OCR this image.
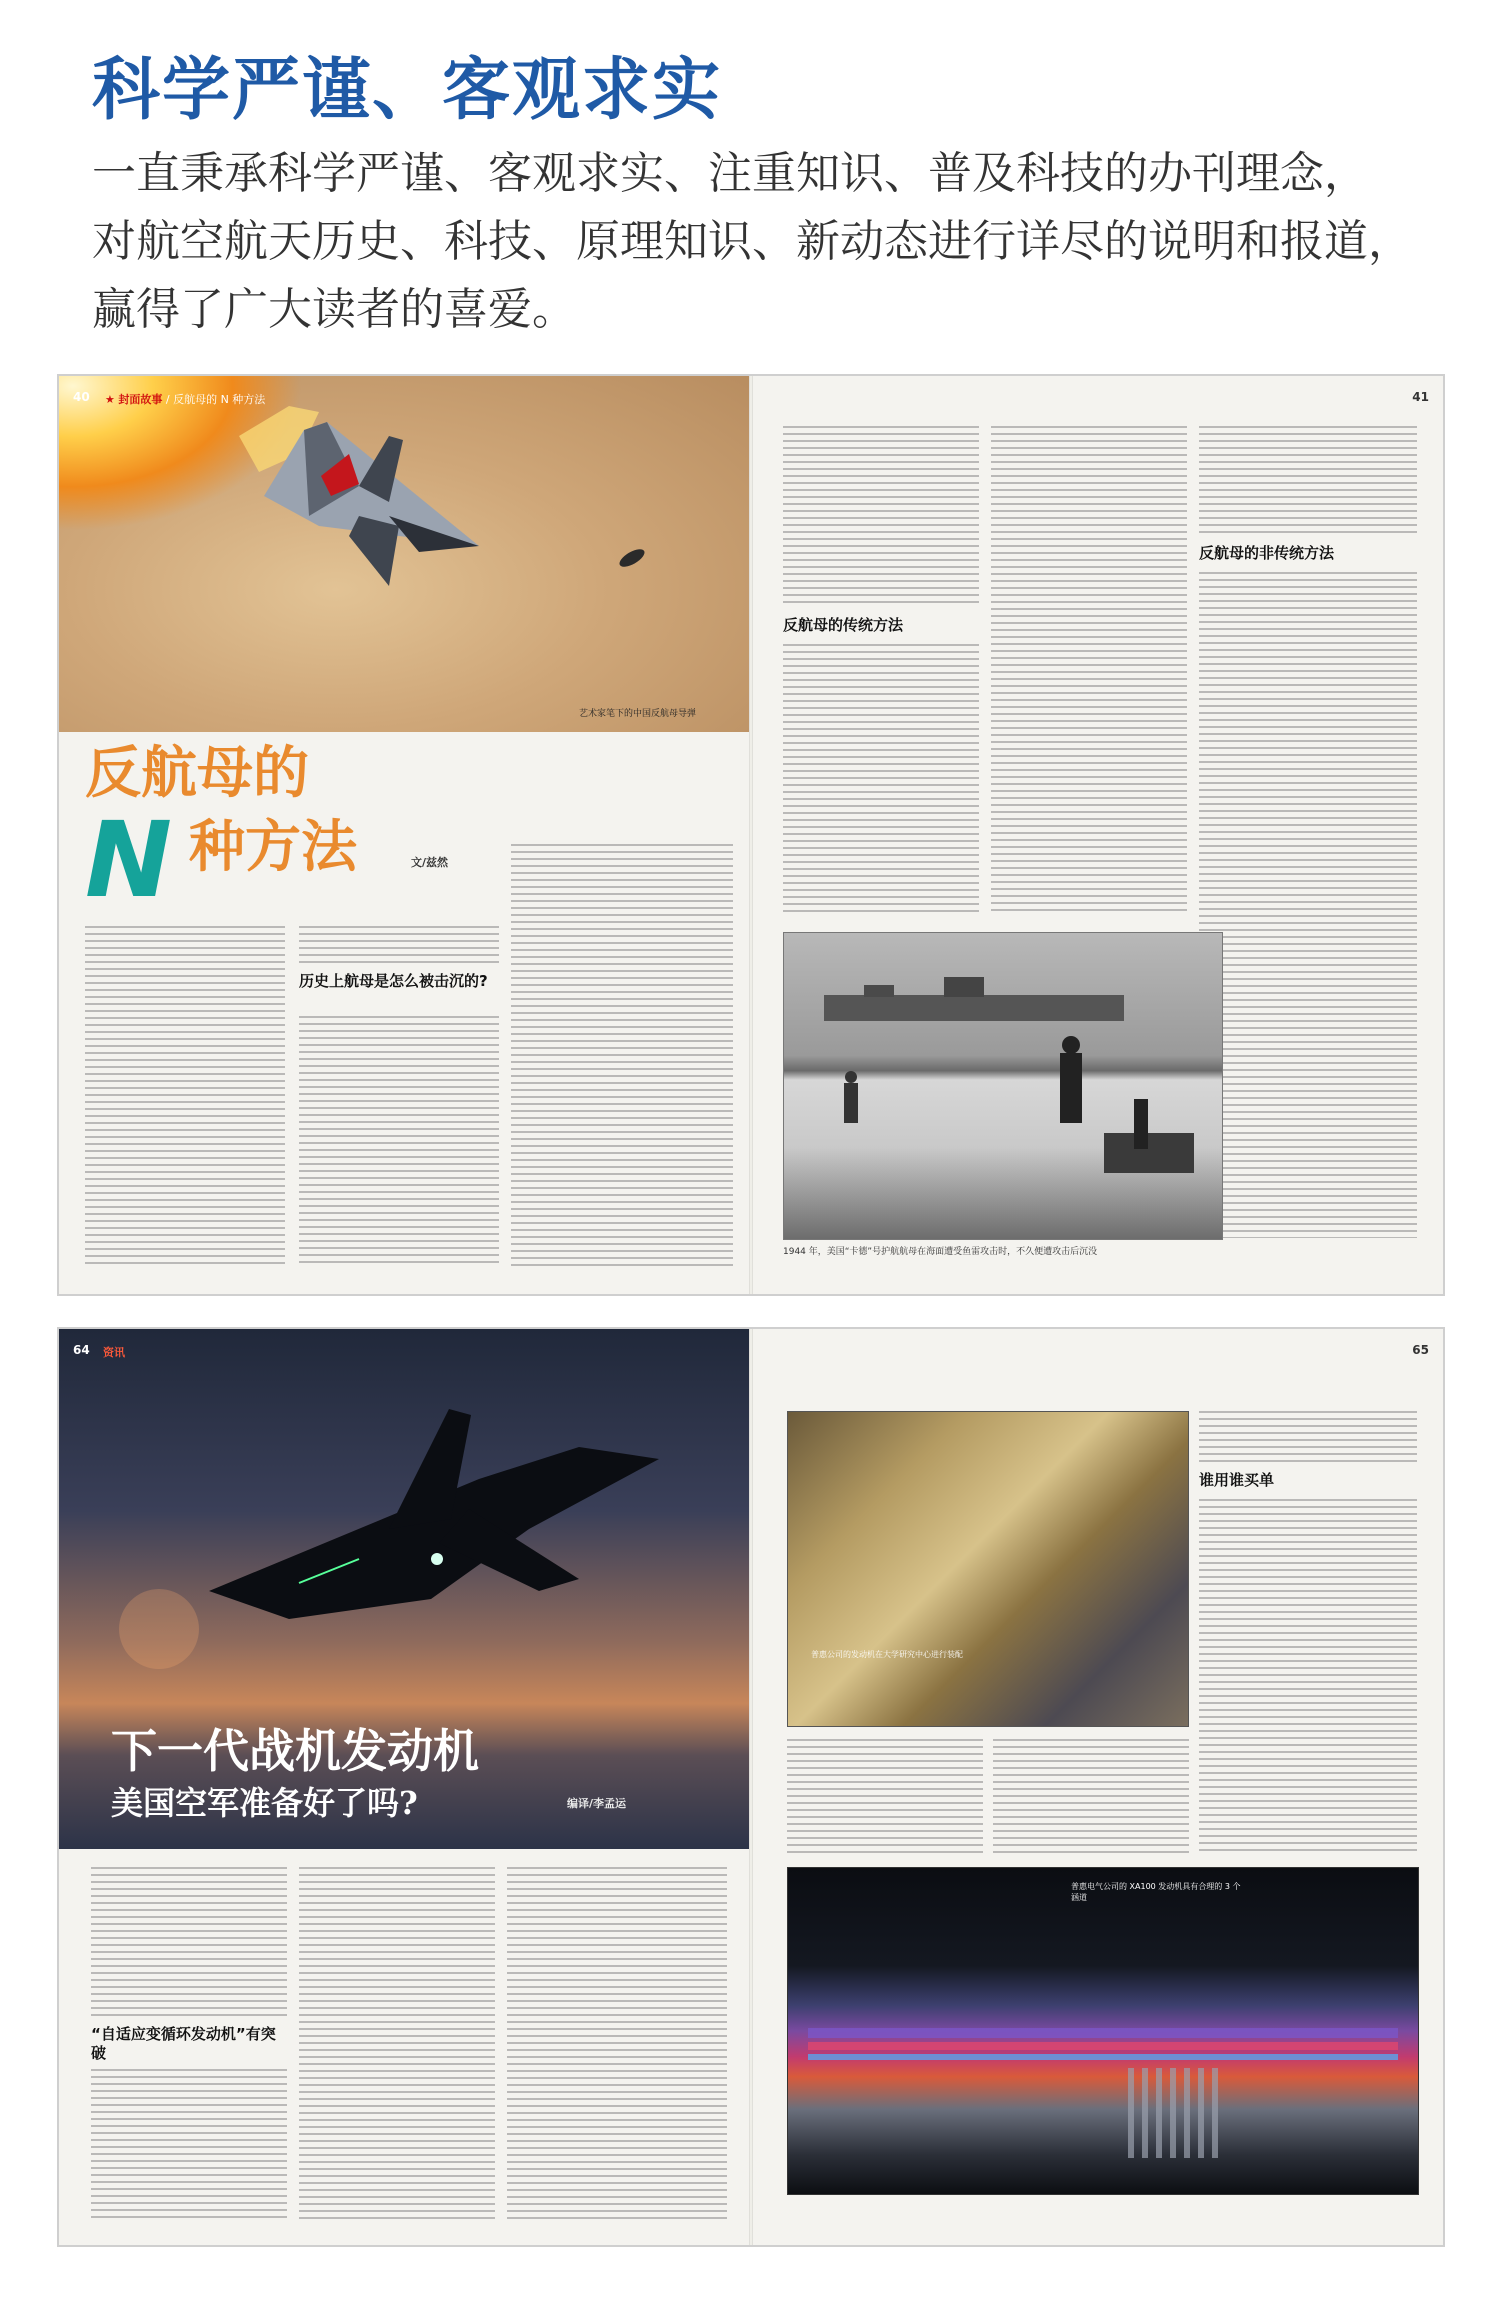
科学严谨、客观求实
一直秉承科学严谨、客观求实、注重知识、普及科技的办刊理念，
对航空航天历史、科技、原理知识、新动态进行详尽的说明和报道，
赢得了广大读者的喜爱。
艺术家笔下的中国反航母导弹
40 ★ 封面故事 / 反航母的 N 种方法
反航母的
N 种方法	文/兹然
历史上航母是怎么被击沉的?
41
反航母的传统方法
反航母的非传统方法
1944 年，美国“卡德”号护航航母在海面遭受鱼雷攻击时，不久便遭攻击后沉没
64 资讯
下一代战机发动机
美国空军准备好了吗?	编译/李孟运
“自适应变循环发动机”有突破
65
普惠公司的发动机在大学研究中心进行装配
谁用谁买单
普惠电气公司的 XA100 发动机具有合理的 3 个涵道
